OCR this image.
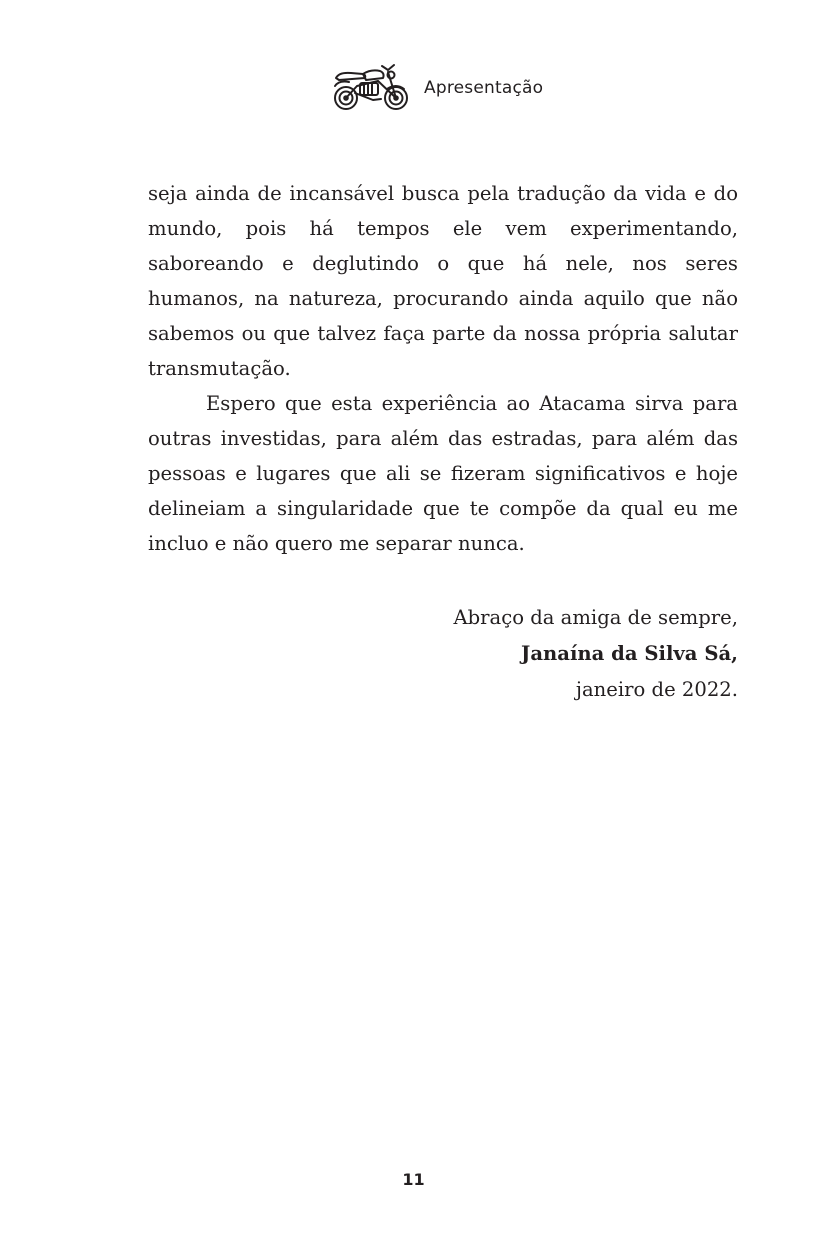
Apresentação

seja ainda de incansável busca pela tradução da vida e do mundo, pois há tempos ele vem experimentando, saboreando e deglutindo o que há nele, nos seres humanos, na natureza, procurando ainda aquilo que não sabemos ou que talvez faça parte da nossa própria salutar transmutação.

Espero que esta experiência ao Atacama sirva para outras investidas, para além das estradas, para além das pessoas e lugares que ali se fizeram significativos e hoje delineiam a singularidade que te compõe da qual eu me incluo e não quero me separar nunca.

Abraço da amiga de sempre,
Janaína da Silva Sá,
janeiro de 2022.
11
